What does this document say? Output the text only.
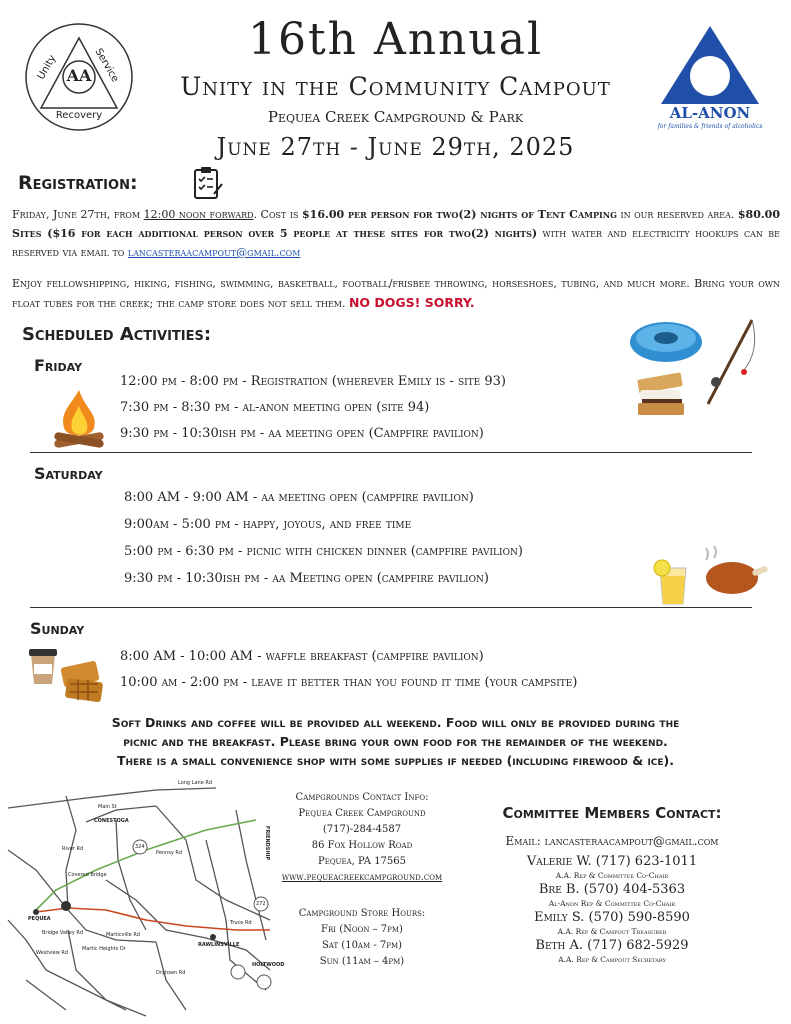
AA
Unity	Service
Recovery	AL-ANON
for families & friends of alcoholics
16th Annual
Unity in the Community Campout
Pequea Creek Campground & Park
June 27th - June 29th, 2025
Registration:
Friday, June 27th, from 12:00 noon forward. Cost is $16.00 per person for two(2) nights of Tent Camping in our reserved area. $80.00 Sites ($16 for each additional person over 5 people at these sites for two(2) nights) with water and electricity hookups can be reserved via email to lancasteraacampout@gmail.com
Enjoy fellowshipping, hiking, fishing, swimming, basketball, football/frisbee throwing, horseshoes, tubing, and much more. Bring your own float tubes for the creek; the camp store does not sell them. NO DOGS! SORRY.
Scheduled Activities:
Friday
12:00 pm - 8:00 pm - Registration (wherever Emily is - site 93)
7:30 pm - 8:30 pm - al-anon meeting open (site 94)
9:30 pm - 10:30ish pm - aa meeting open (Campfire pavilion)
Saturday
8:00 AM - 9:00 AM - aa meeting open (campfire pavilion)
9:00am - 5:00 pm - happy, joyous, and free time
5:00 pm - 6:30 pm - picnic with chicken dinner (campfire pavilion)
9:30 pm - 10:30ish pm - aa Meeting open (campfire pavilion)
Sunday
8:00 AM - 10:00 AM - waffle breakfast (campfire pavilion)
10:00 am - 2:00 pm - leave it better than you found it time (your campsite)
Soft Drinks and coffee will be provided all weekend. Food will only be provided during the
picnic and the breakfast. Please bring your own food for the remainder of the weekend.
There is a small convenience shop with some supplies if needed (including firewood & ice).
Long Lane Rd
Main St
CONESTOGA
River Rd
Pennsy Rd
324	FRIENDSHIP
Covered Bridge
PEQUEA
Marticville Rd
Martic Heights Dr
Drytown Rd
RAWLINSVILLE
Truce Rd
272
Westview Rd
Bridge Valley Rd
HOLTWOOD
Campgrounds Contact Info:
Pequea Creek Campground
(717)-284-4587
86 Fox Hollow Road
Pequea, PA 17565
www.pequeacreekcampground.com
Campground Store Hours:
Fri (Noon – 7pm)
Sat (10am - 7pm)
Sun (11am – 4pm)
Committee Members Contact:
Email: lancasteraacampout@gmail.com
Valerie W. (717) 623-1011
A.A. Rep & Committee Co-Chair
Bre B. (570) 404-5363
Al-Anon Rep & Committee Co-Chair
Emily S. (570) 590-8590
A.A. Rep & Campout Treasurer
Beth A. (717) 682-5929
A.A. Rep & Campout Secretary
